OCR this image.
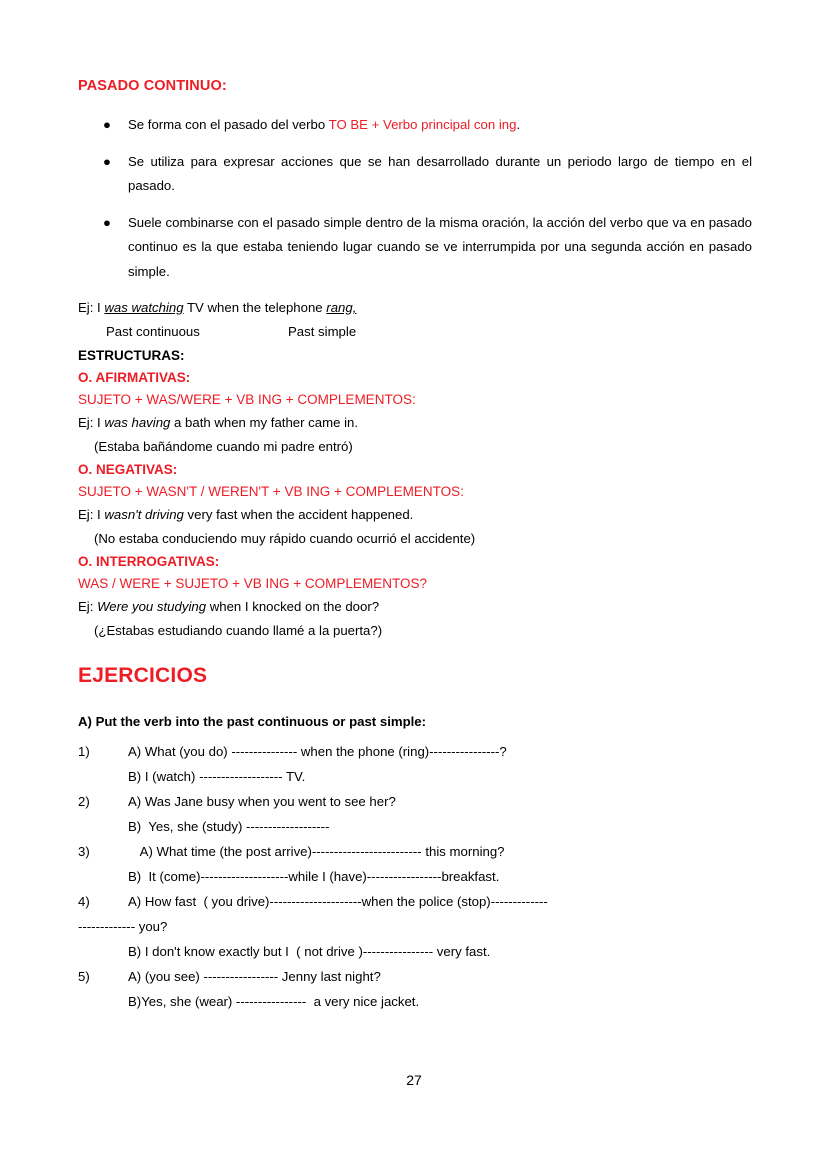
PASADO CONTINUO:
● Se forma con el pasado del verbo TO BE + Verbo principal con ing.
● Se utiliza para expresar acciones que se han desarrollado durante un periodo largo de tiempo en el pasado.
● Suele combinarse con el pasado simple dentro de la misma oración, la acción del verbo que va en pasado continuo es la que estaba teniendo lugar cuando se ve interrumpida por una segunda acción en pasado simple.
Ej: I was watching TV when the telephone rang,
Past continuous	Past simple
ESTRUCTURAS:
O. AFIRMATIVAS:
SUJETO + WAS/WERE + VB ING + COMPLEMENTOS:
Ej: I was having a bath when my father came in.
(Estaba bañándome cuando mi padre entró)
O. NEGATIVAS:
SUJETO + WASN'T / WEREN'T + VB ING + COMPLEMENTOS:
Ej: I wasn't driving very fast when the accident happened.
(No estaba conduciendo muy rápido cuando ocurrió el accidente)
O. INTERROGATIVAS:
WAS / WERE + SUJETO + VB ING + COMPLEMENTOS?
Ej: Were you studying when I knocked on the door?
(¿Estabas estudiando cuando llamé a la puerta?)
EJERCICIOS
A) Put the verb into the past continuous or past simple:
1)	A) What (you do) --------------- when the phone (ring)----------------?
B) I (watch) ------------------- TV.
2)	A) Was Jane busy when you went to see her?
B)  Yes, she (study) -------------------
3)	A) What time (the post arrive)------------------------- this morning?
B)  It (come)--------------------while I (have)-----------------breakfast.
4)	A) How fast  ( you drive)---------------------when the police (stop)-------------
------------- you?
B) I don't know exactly but I  ( not drive )---------------- very fast.
5)	A) (you see) ----------------- Jenny last night?
B)Yes, she (wear) ----------------  a very nice jacket.
27
